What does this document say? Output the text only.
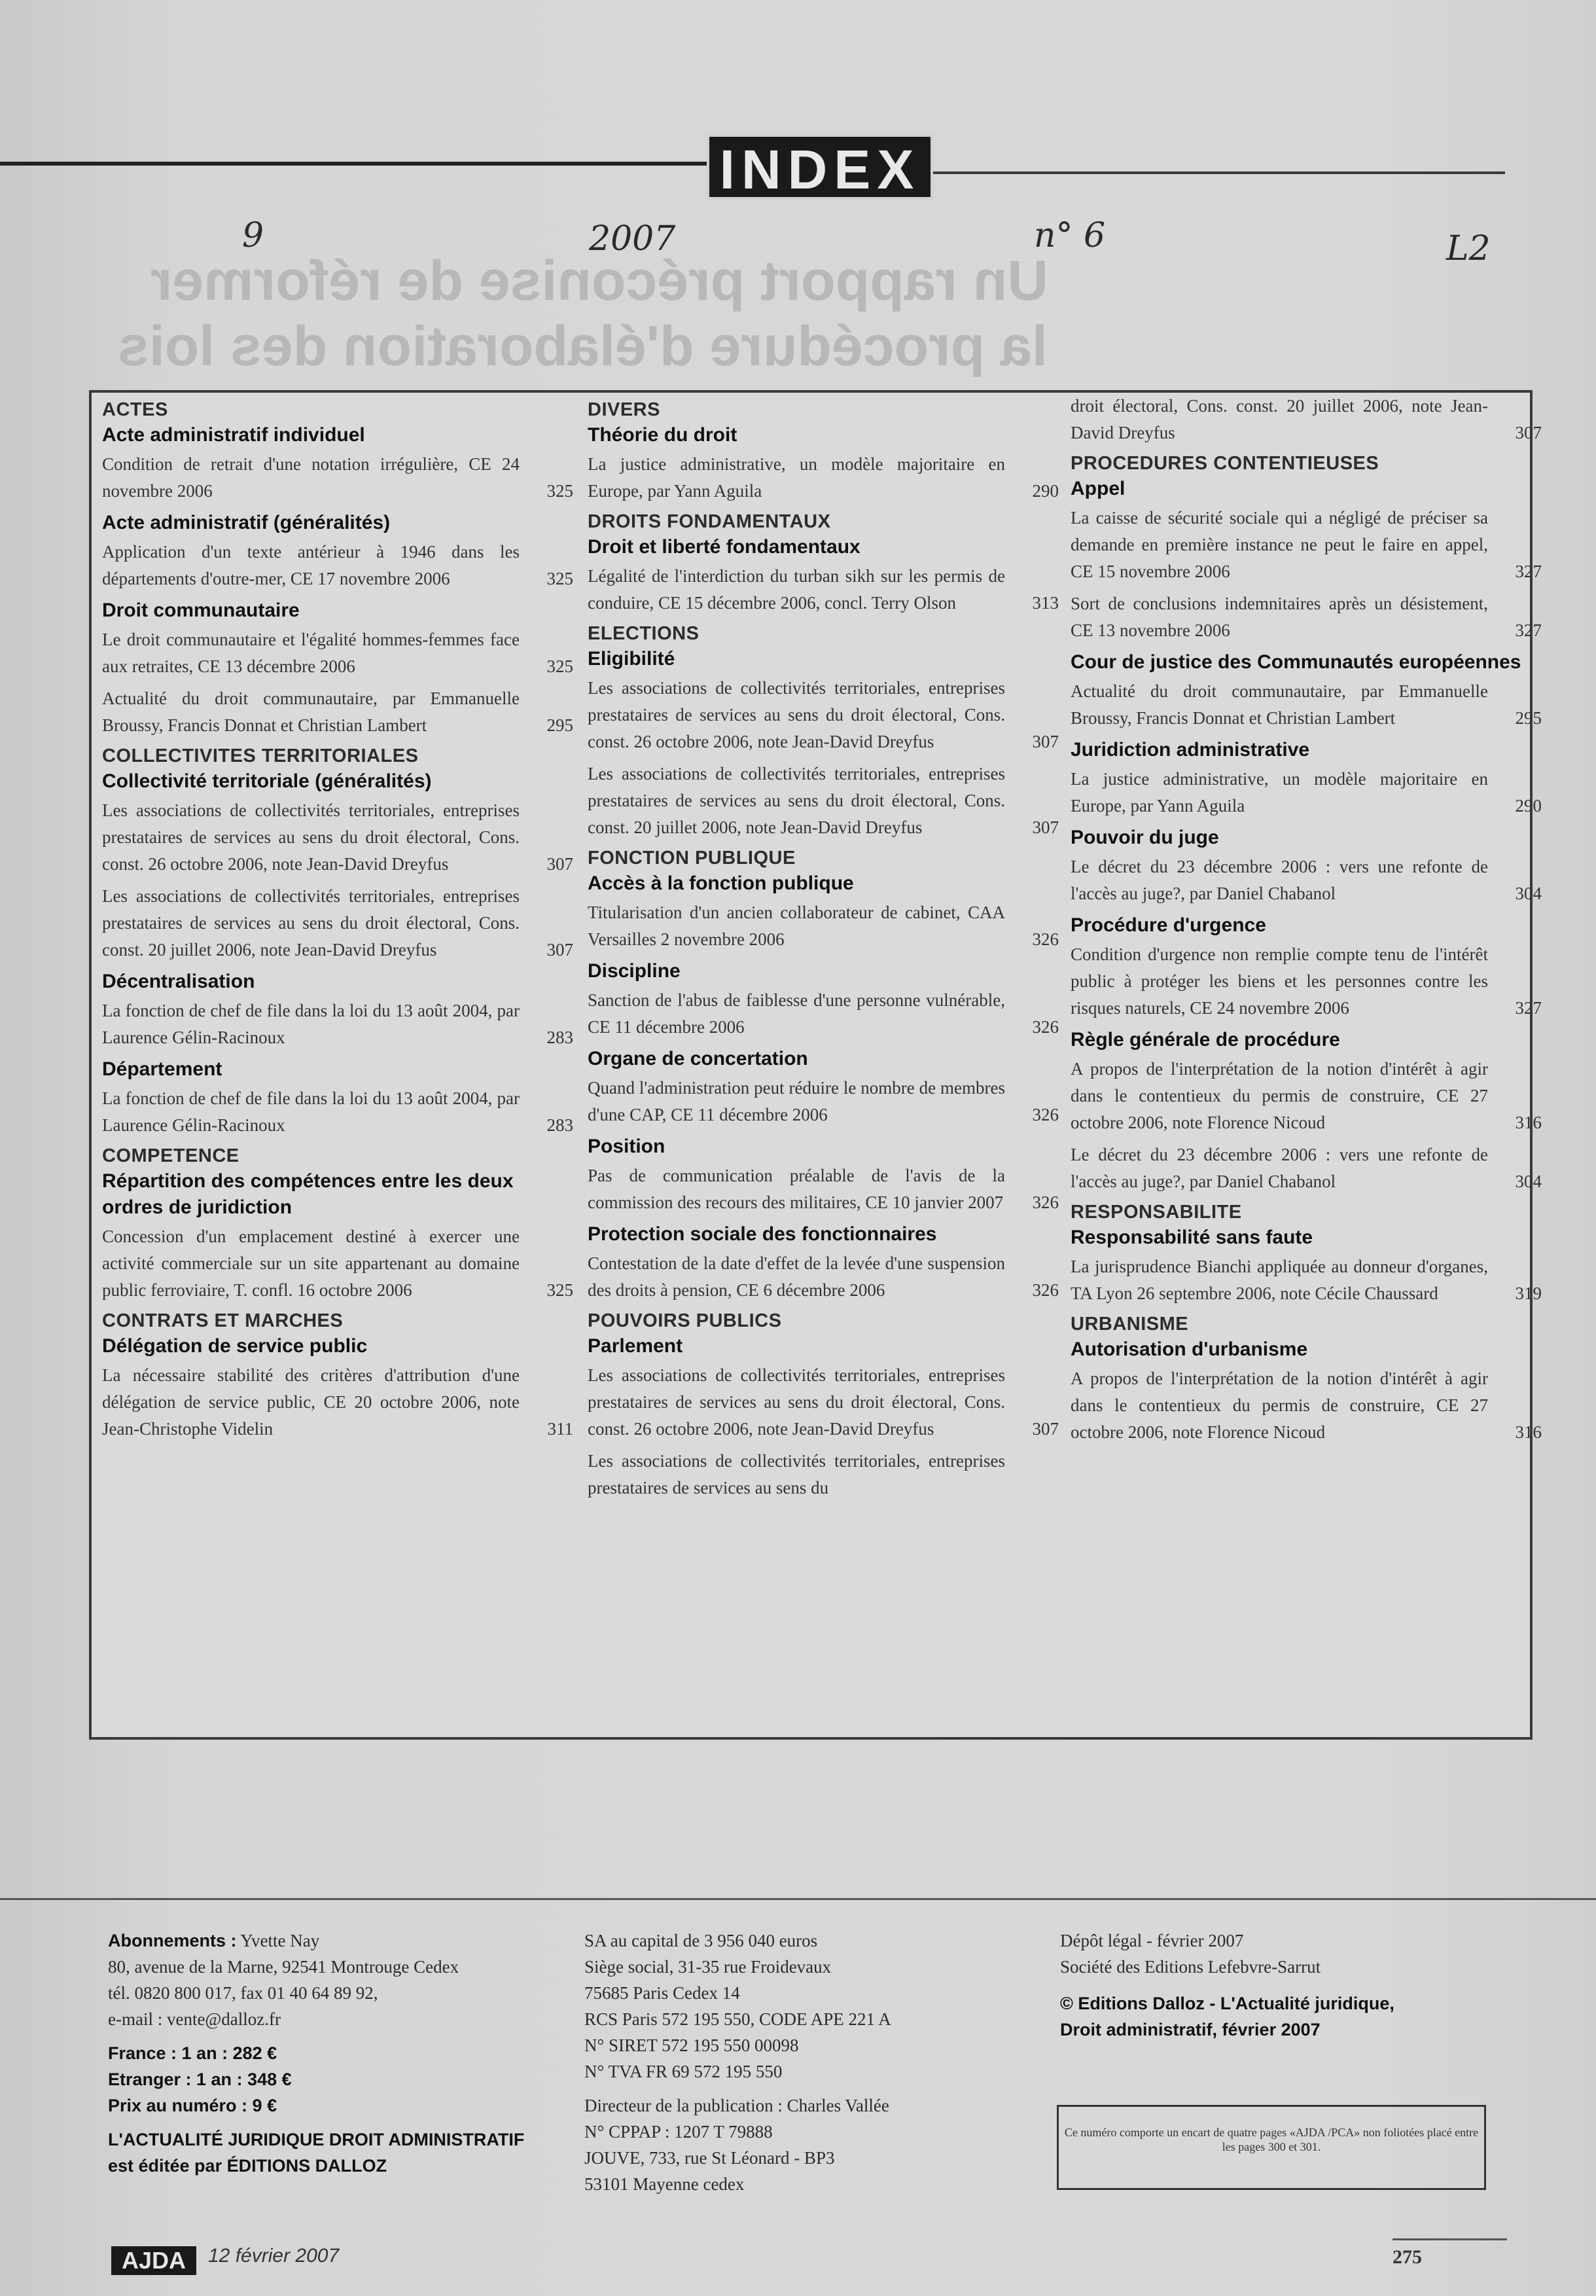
Un rapport préconise de réformer
la procédure d'élaboration des lois
INDEX
9	2007	n° 6	L2
ACTES
Acte administratif individuel
Condition de retrait d'une notation irrégulière, CE 24 novembre 2006	325
Acte administratif (généralités)
Application d'un texte antérieur à 1946 dans les départements d'outre-mer, CE 17 novembre 2006	325
Droit communautaire
Le droit communautaire et l'égalité hommes-femmes face aux retraites, CE 13 décembre 2006	325
Actualité du droit communautaire, par Emmanuelle Broussy, Francis Donnat et Christian Lambert	295
COLLECTIVITES TERRITORIALES
Collectivité territoriale (généralités)
Les associations de collectivités territoriales, entreprises prestataires de services au sens du droit électoral, Cons. const. 26 octobre 2006, note Jean-David Dreyfus	307
Les associations de collectivités territoriales, entreprises prestataires de services au sens du droit électoral, Cons. const. 20 juillet 2006, note Jean-David Dreyfus	307
Décentralisation
La fonction de chef de file dans la loi du 13 août 2004, par Laurence Gélin-Racinoux	283
Département
La fonction de chef de file dans la loi du 13 août 2004, par Laurence Gélin-Racinoux	283
COMPETENCE
Répartition des compétences entre les deux ordres de juridiction
Concession d'un emplacement destiné à exercer une activité commerciale sur un site appartenant au domaine public ferroviaire, T. confl. 16 octobre 2006	325
CONTRATS ET MARCHES
Délégation de service public
La nécessaire stabilité des critères d'attribution d'une délégation de service public, CE 20 octobre 2006, note Jean-Christophe Videlin	311
DIVERS
Théorie du droit
La justice administrative, un modèle majoritaire en Europe, par Yann Aguila	290
DROITS FONDAMENTAUX
Droit et liberté fondamentaux
Légalité de l'interdiction du turban sikh sur les permis de conduire, CE 15 décembre 2006, concl. Terry Olson	313
ELECTIONS
Eligibilité
Les associations de collectivités territoriales, entreprises prestataires de services au sens du droit électoral, Cons. const. 26 octobre 2006, note Jean-David Dreyfus	307
Les associations de collectivités territoriales, entreprises prestataires de services au sens du droit électoral, Cons. const. 20 juillet 2006, note Jean-David Dreyfus	307
FONCTION PUBLIQUE
Accès à la fonction publique
Titularisation d'un ancien collaborateur de cabinet, CAA Versailles 2 novembre 2006	326
Discipline
Sanction de l'abus de faiblesse d'une personne vulnérable, CE 11 décembre 2006	326
Organe de concertation
Quand l'administration peut réduire le nombre de membres d'une CAP, CE 11 décembre 2006	326
Position
Pas de communication préalable de l'avis de la commission des recours des militaires, CE 10 janvier 2007 326
Protection sociale des fonctionnaires
Contestation de la date d'effet de la levée d'une suspension des droits à pension, CE 6 décembre 2006	326
POUVOIRS PUBLICS
Parlement
Les associations de collectivités territoriales, entreprises prestataires de services au sens du droit électoral, Cons. const. 26 octobre 2006, note Jean-David Dreyfus	307
Les associations de collectivités territoriales, entreprises prestataires de services au sens du
droit électoral, Cons. const. 20 juillet 2006, note Jean-David Dreyfus	307
PROCEDURES CONTENTIEUSES
Appel
La caisse de sécurité sociale qui a négligé de préciser sa demande en première instance ne peut le faire en appel, CE 15 novembre 2006	327
Sort de conclusions indemnitaires après un désistement, CE 13 novembre 2006	327
Cour de justice des Communautés européennes
Actualité du droit communautaire, par Emmanuelle Broussy, Francis Donnat et Christian Lambert	295
Juridiction administrative
La justice administrative, un modèle majoritaire en Europe, par Yann Aguila	290
Pouvoir du juge
Le décret du 23 décembre 2006 : vers une refonte de l'accès au juge?, par Daniel Chabanol	304
Procédure d'urgence
Condition d'urgence non remplie compte tenu de l'intérêt public à protéger les biens et les personnes contre les risques naturels, CE 24 novembre 2006	327
Règle générale de procédure
A propos de l'interprétation de la notion d'intérêt à agir dans le contentieux du permis de construire, CE 27 octobre 2006, note Florence Nicoud	316
Le décret du 23 décembre 2006 : vers une refonte de l'accès au juge?, par Daniel Chabanol	304
RESPONSABILITE
Responsabilité sans faute
La jurisprudence Bianchi appliquée au donneur d'organes, TA Lyon 26 septembre 2006, note Cécile Chaussard	319
URBANISME
Autorisation d'urbanisme
A propos de l'interprétation de la notion d'intérêt à agir dans le contentieux du permis de construire, CE 27 octobre 2006, note Florence Nicoud	316
Abonnements : Yvette Nay
80, avenue de la Marne, 92541 Montrouge Cedex
tél. 0820 800 017, fax 01 40 64 89 92,
e-mail : vente@dalloz.fr
France : 1 an : 282 €
Etranger : 1 an : 348 €
Prix au numéro : 9 €
L'ACTUALITÉ JURIDIQUE DROIT ADMINISTRATIF
est éditée par ÉDITIONS DALLOZ
SA au capital de 3 956 040 euros
Siège social, 31-35 rue Froidevaux
75685 Paris Cedex 14
RCS Paris 572 195 550, CODE APE 221 A
N° SIRET 572 195 550 00098
N° TVA FR 69 572 195 550
Directeur de la publication : Charles Vallée
N° CPPAP : 1207 T 79888
JOUVE, 733, rue St Léonard - BP3
53101 Mayenne cedex
Dépôt légal - février 2007
Société des Editions Lefebvre-Sarrut
© Editions Dalloz - L'Actualité juridique,
Droit administratif, février 2007
Ce numéro comporte un encart de quatre pages «AJDA /PCA» non foliotées placé entre les pages 300 et 301.
AJDA	12 février 2007	275
